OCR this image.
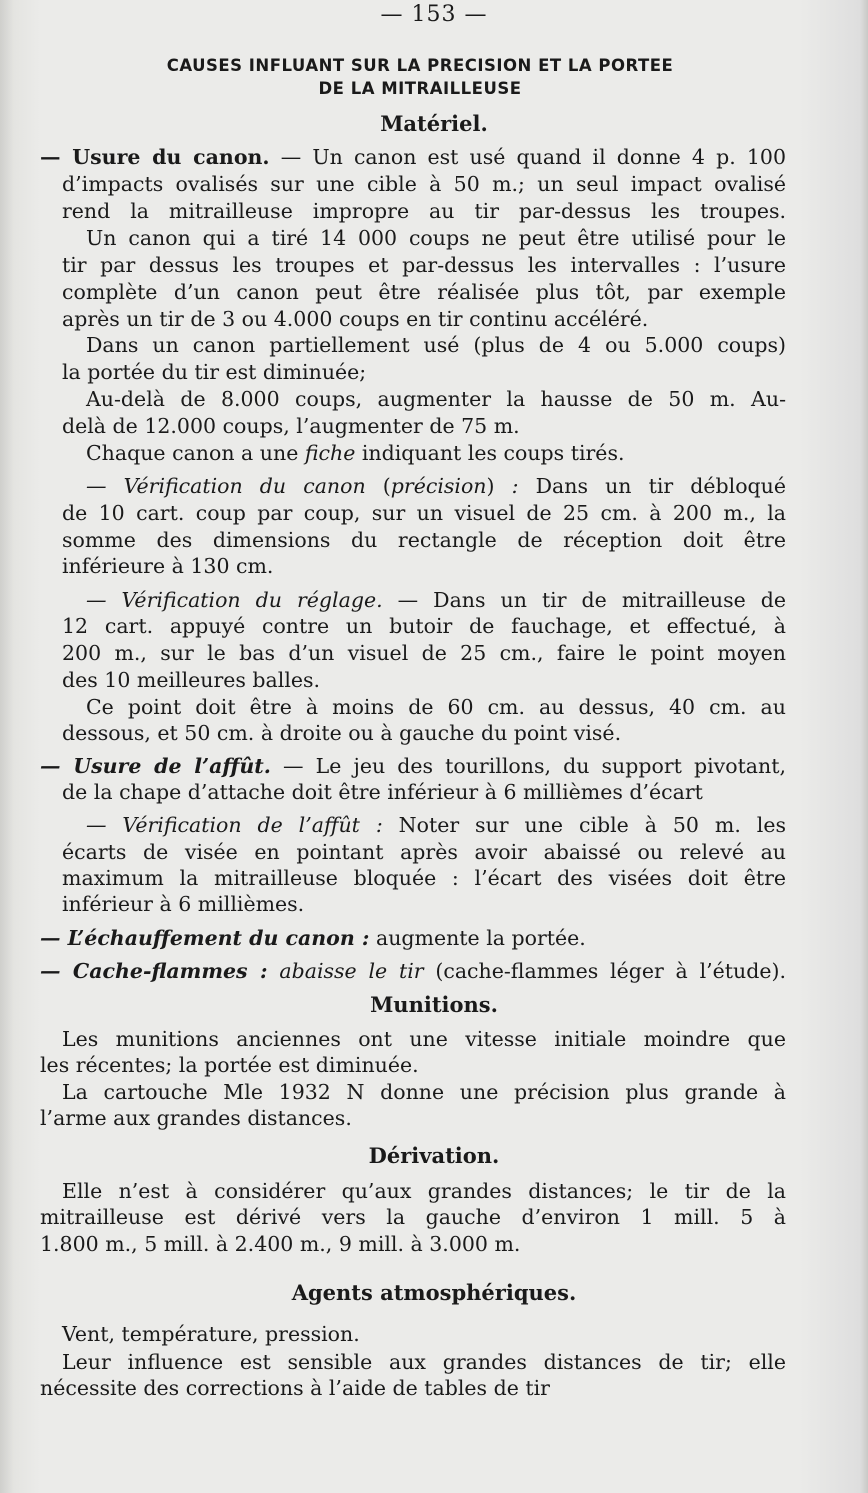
— 153 —
CAUSES INFLUANT SUR LA PRECISION ET LA PORTEE
DE LA MITRAILLEUSE
Matériel.
— Usure du canon. — Un canon est usé quand il donne 4 p. 100
d’impacts ovalisés sur une cible à 50 m.; un seul impact ovalisé
rend la mitrailleuse impropre au tir par-dessus les troupes.
Un canon qui a tiré 14 000 coups ne peut être utilisé pour le
tir par dessus les troupes et par-dessus les intervalles : l’usure
complète d’un canon peut être réalisée plus tôt, par exemple
après un tir de 3 ou 4.000 coups en tir continu accéléré.
Dans un canon partiellement usé (plus de 4 ou 5.000 coups)
la portée du tir est diminuée;
Au-delà de 8.000 coups, augmenter la hausse de 50 m. Au-
delà de 12.000 coups, l’augmenter de 75 m.
Chaque canon a une fiche indiquant les coups tirés.
— Vérification du canon (précision) : Dans un tir débloqué
de 10 cart. coup par coup, sur un visuel de 25 cm. à 200 m., la
somme des dimensions du rectangle de réception doit être
inférieure à 130 cm.
— Vérification du réglage. — Dans un tir de mitrailleuse de
12 cart. appuyé contre un butoir de fauchage, et effectué, à
200 m., sur le bas d’un visuel de 25 cm., faire le point moyen
des 10 meilleures balles.
Ce point doit être à moins de 60 cm. au dessus, 40 cm. au
dessous, et 50 cm. à droite ou à gauche du point visé.
— Usure de l’affût. — Le jeu des tourillons, du support pivotant,
de la chape d’attache doit être inférieur à 6 millièmes d’écart
— Vérification de l’affût : Noter sur une cible à 50 m. les
écarts de visée en pointant après avoir abaissé ou relevé au
maximum la mitrailleuse bloquée : l’écart des visées doit être
inférieur à 6 millièmes.
— L’échauffement du canon : augmente la portée.
— Cache-flammes : abaisse le tir (cache-flammes léger à l’étude).
Munitions.
Les munitions anciennes ont une vitesse initiale moindre que
les récentes; la portée est diminuée.
La cartouche Mle 1932 N donne une précision plus grande à
l’arme aux grandes distances.
Dérivation.
Elle n’est à considérer qu’aux grandes distances; le tir de la
mitrailleuse est dérivé vers la gauche d’environ 1 mill. 5 à
1.800 m., 5 mill. à 2.400 m., 9 mill. à 3.000 m.
Agents atmosphériques.
Vent, température, pression.
Leur influence est sensible aux grandes distances de tir; elle
nécessite des corrections à l’aide de tables de tir
